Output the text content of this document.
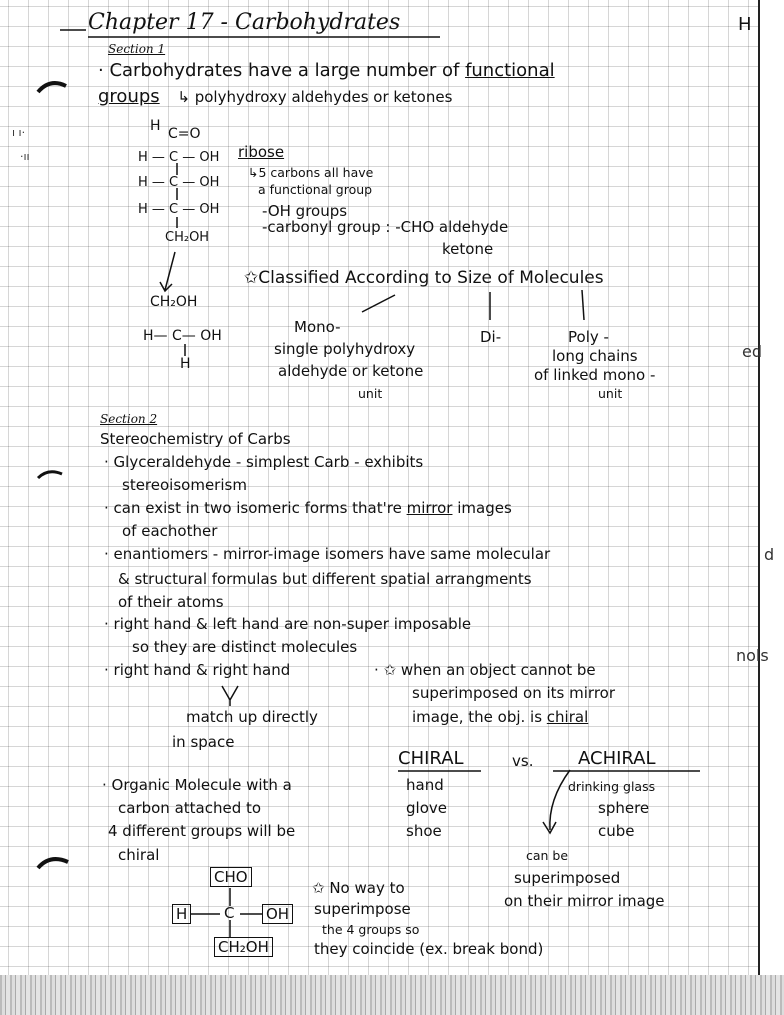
Chapter 17 - Carbohydrates	H
Section 1
· Carbohydrates have a large number of functional
groups ↳ polyhydroxy aldehydes or ketones
H C=O
H — C — OH
H — C — OH
H — C — OH
CH₂OH
CH₂OH
H— C— OH
H
ribose
↳5 carbons all have
a functional group
-OH groups
-carbonyl group : -CHO aldehyde
ketone
✩Classified According to Size of Molecules
Mono-
single polyhydroxy
aldehyde or ketone
unit
Di-	Poly -
long chains
of linked mono -
unit
Section 2
Stereochemistry of Carbs
· Glyceraldehyde - simplest Carb - exhibits
stereoisomerism
· can exist in two isomeric forms that're mirror images
of eachother
· enantiomers - mirror-image isomers have same molecular
& structural formulas but different spatial arrangments
of their atoms
· right hand & left hand are non-super imposable
so they are distinct molecules
· right hand & right hand
match up directly
in space
· ✩ when an object cannot be
superimposed on its mirror
image, the obj. is chiral
CHIRAL	vs. ACHIRAL
hand
glove
shoe
drinking glass
sphere
cube
can be
superimposed
on their mirror image
· Organic Molecule with a
carbon attached to
4 different groups will be
chiral
CHO
H C OH
CH₂OH
✩ No way to
superimpose
the 4 groups so
they coincide (ex. break bond)
ı ı·
·ıı
ed
d
nols
